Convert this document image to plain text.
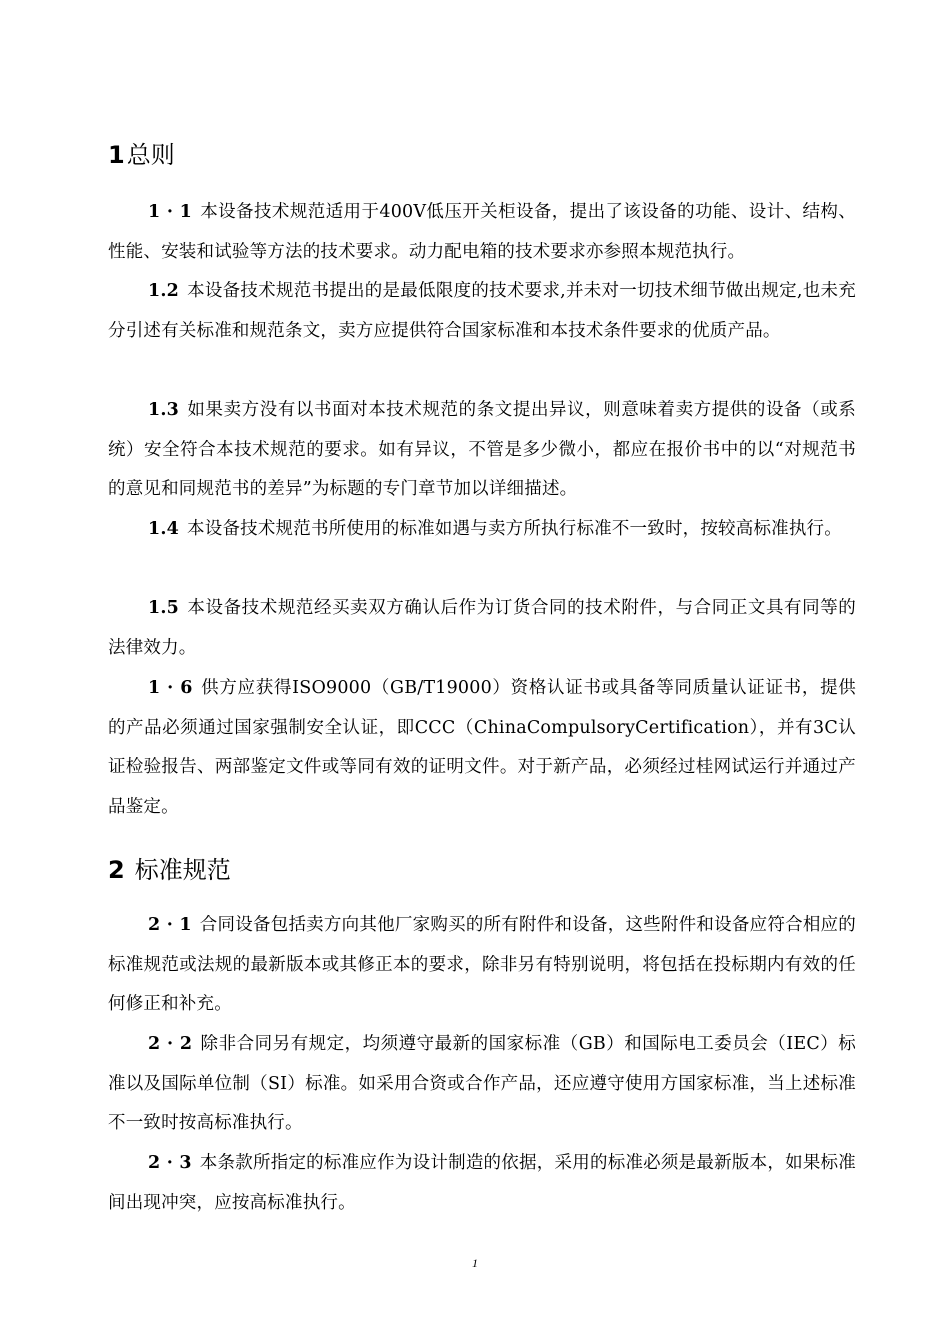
1总则
1 · 1 本设备技术规范适用于400V低压开关柜设备，提出了该设备的功能、设计、结构、性能、安装和试验等方法的技术要求。动力配电箱的技术要求亦参照本规范执行。
1.2 本设备技术规范书提出的是最低限度的技术要求,并未对一切技术细节做出规定,也未充分引述有关标准和规范条文，卖方应提供符合国家标准和本技术条件要求的优质产品。
1.3 如果卖方没有以书面对本技术规范的条文提出异议，则意味着卖方提供的设备（或系统）安全符合本技术规范的要求。如有异议，不管是多少微小，都应在报价书中的以“对规范书的意见和同规范书的差异”为标题的专门章节加以详细描述。
1.4 本设备技术规范书所使用的标准如遇与卖方所执行标准不一致时，按较高标准执行。
1.5 本设备技术规范经买卖双方确认后作为订货合同的技术附件，与合同正文具有同等的法律效力。
1 · 6 供方应获得ISO9000（GB/T19000）资格认证书或具备等同质量认证证书，提供的产品必须通过国家强制安全认证，即CCC（ChinaCompulsoryCertification），并有3C认证检验报告、两部鉴定文件或等同有效的证明文件。对于新产品，必须经过桂网试运行并通过产品鉴定。
2 标准规范
2 · 1 合同设备包括卖方向其他厂家购买的所有附件和设备，这些附件和设备应符合相应的标准规范或法规的最新版本或其修正本的要求，除非另有特别说明，将包括在投标期内有效的任何修正和补充。
2 · 2 除非合同另有规定，均须遵守最新的国家标准（GB）和国际电工委员会（IEC）标准以及国际单位制（SI）标准。如采用合资或合作产品，还应遵守使用方国家标准，当上述标准不一致时按高标准执行。
2 · 3 本条款所指定的标准应作为设计制造的依据，采用的标准必须是最新版本，如果标准间出现冲突，应按高标准执行。
1
